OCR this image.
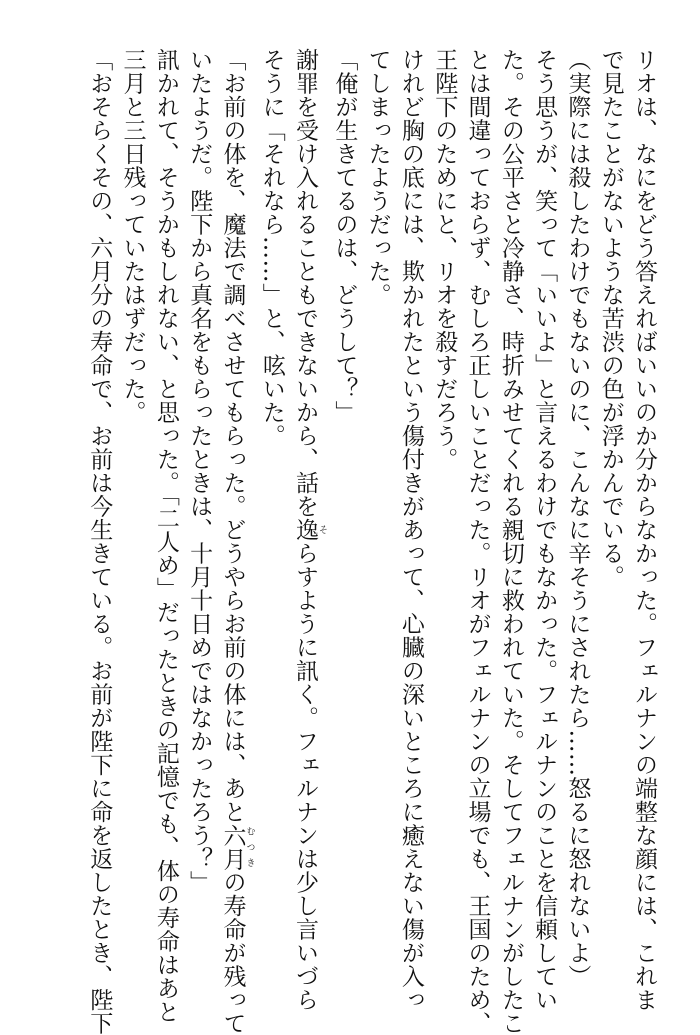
リオは、なにをどう答えればいいのか分からなかった。フェルナンの端整な顔には、これま
で見たことがないような苦渋の色が浮かんでいる。
（実際には殺したわけでもないのに、こんなに辛そうにされたら……怒るに怒れないよ）
そう思うが、笑って「いいよ」と言えるわけでもなかった。フェルナンのことを信頼してい
た。その公平さと冷静さ、時折みせてくれる親切に救われていた。そしてフェルナンがしたこ
とは間違っておらず、むしろ正しいことだった。リオがフェルナンの立場でも、王国のため、
王陛下のためにと、リオを殺すだろう。
けれど胸の底には、欺かれたという傷付きがあって、心臓の深いところに癒えない傷が入っ
てしまったようだった。
「俺が生きてるのは、どうして？」
謝罪を受け入れることもできないから、話を逸 そらすように訊く。フェルナンは少し言いづら
そうに「それなら……」と、呟いた。
「お前の体を、魔法で調べさせてもらった。どうやらお前の体には、あと六月 むつきの寿命が残って
いたようだ。陛下から真名をもらったときは、十月十日めではなかったろう？」
訊かれて、そうかもしれない、と思った。「二人め」だったときの記憶でも、体の寿命はあと
三月と三日残っていたはずだった。
「おそらくその、六月分の寿命で、お前は今生きている。お前が陛下に命を返したとき、陛下
